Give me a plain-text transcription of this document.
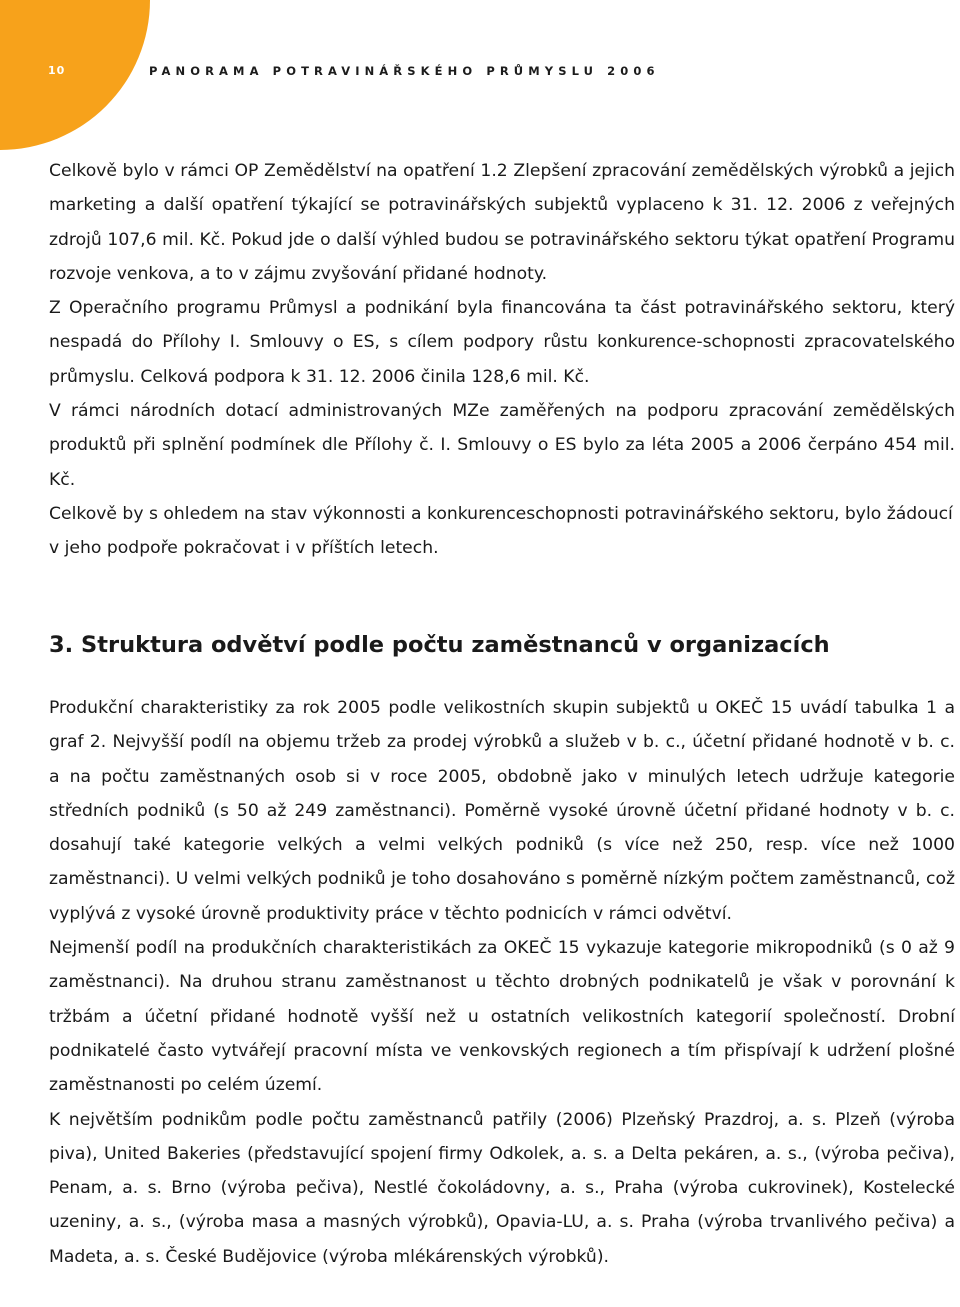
10	PANORAMA POTRAVINÁŘSKÉHO PRŮMYSLU 2006

Celkově bylo v rámci OP Zemědělství na opatření 1.2 Zlepšení zpracování zemědělských výrobků a jejich marketing a další opatření týkající se potravinářských subjektů vyplaceno k 31. 12. 2006 z veřejných zdrojů 107,6 mil. Kč. Pokud jde o další výhled budou se potravinářského sektoru týkat opatření Programu rozvoje venkova, a to v zájmu zvyšování přidané hodnoty.

Z Operačního programu Průmysl a podnikání byla financována ta část potravinářského sektoru, který nespadá do Přílohy I. Smlouvy o ES, s cílem podpory růstu konkurence-schopnosti zpracovatelského průmyslu. Celková podpora k 31. 12. 2006 činila 128,6 mil. Kč.

V rámci národních dotací administrovaných MZe zaměřených na podporu zpracování zemědělských produktů při splnění podmínek dle Přílohy č. I. Smlouvy o ES bylo za léta 2005 a 2006 čerpáno 454 mil. Kč.

Celkově by s ohledem na stav výkonnosti a konkurenceschopnosti potravinářského sektoru, bylo žádoucí v jeho podpoře pokračovat i v příštích letech.

3. Struktura odvětví podle počtu zaměstnanců v organizacích

Produkční charakteristiky za rok 2005 podle velikostních skupin subjektů u OKEČ 15 uvádí tabulka 1 a graf 2. Nejvyšší podíl na objemu tržeb za prodej výrobků a služeb v b. c., účetní přidané hodnotě v b. c. a na počtu zaměstnaných osob si v roce 2005, obdobně jako v minulých letech udržuje kategorie středních podniků (s 50 až 249 zaměstnanci). Poměrně vysoké úrovně účetní přidané hodnoty v b. c. dosahují také kategorie velkých a velmi velkých podniků (s více než 250, resp. více než 1000 zaměstnanci). U velmi velkých podniků je toho dosahováno s poměrně nízkým počtem zaměstnanců, což vyplývá z vysoké úrovně produktivity práce v těchto podnicích v rámci odvětví.

Nejmenší podíl na produkčních charakteristikách za OKEČ 15 vykazuje kategorie mikropodniků (s 0 až 9 zaměstnanci). Na druhou stranu zaměstnanost u těchto drobných podnikatelů je však v porovnání k tržbám a účetní přidané hodnotě vyšší než u ostatních velikostních kategorií společností. Drobní podnikatelé často vytvářejí pracovní místa ve venkovských regionech a tím přispívají k udržení plošné zaměstnanosti po celém území.

K největším podnikům podle počtu zaměstnanců patřily (2006) Plzeňský Prazdroj, a. s. Plzeň (výroba piva), United Bakeries (představující spojení firmy Odkolek, a. s. a Delta pekáren, a. s., (výroba pečiva), Penam, a. s. Brno (výroba pečiva), Nestlé čokoládovny, a. s., Praha (výroba cukrovinek), Kostelecké uzeniny, a. s., (výroba masa a masných výrobků), Opavia-LU, a. s. Praha (výroba trvanlivého pečiva) a Madeta, a. s. České Budějovice (výroba mlékárenských výrobků).
